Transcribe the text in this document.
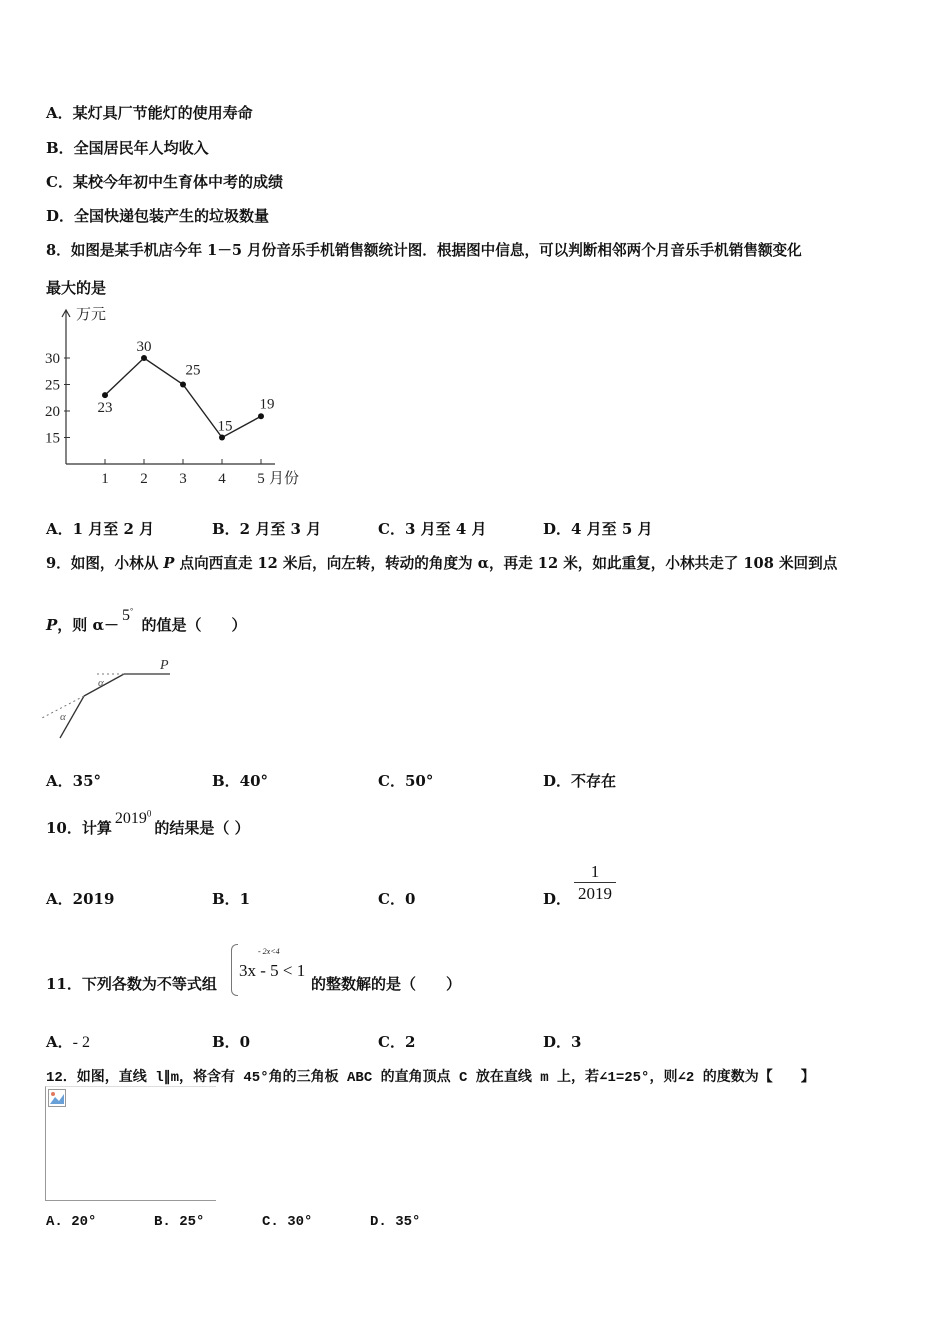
A．某灯具厂节能灯的使用寿命
B．全国居民年人均收入
C．某校今年初中生育体中考的成绩
D．全国快递包装产生的垃圾数量
8．如图是某手机店今年 1－5 月份音乐手机销售额统计图．根据图中信息，可以判断相邻两个月音乐手机销售额变化
最大的是
万元
15
20
25
30
1 2 3 4 5 月份
23
30
25
15
19
A．1 月至 2 月	B．2 月至 3 月	C．3 月至 4 月	D．4 月至 5 月
9．如图，小林从 P 点向西直走 12 米后，向左转，转动的角度为 α，再走 12 米，如此重复，小林共走了 108 米回到点
P，则 α－5° 的值是（　　）
P
α
α
A．35°	B．40°	C．50°	D．不存在
10．计算2019$^0$的结果是（ ）
A．2019	B．1	C．0	D． $\frac{1}{2019}$
11．下列各数为不等式组
- 2x<4
3x - 5 < 1
的整数解的是（　　）
A．- 2	B．0	C．2	D．3
12．如图，直线 l∥m，将含有 45°角的三角板 ABC 的直角顶点 C 放在直线 m 上，若∠1=25°，则∠2 的度数为【　　】
A. 20°	B. 25°	C. 30°	D. 35°
